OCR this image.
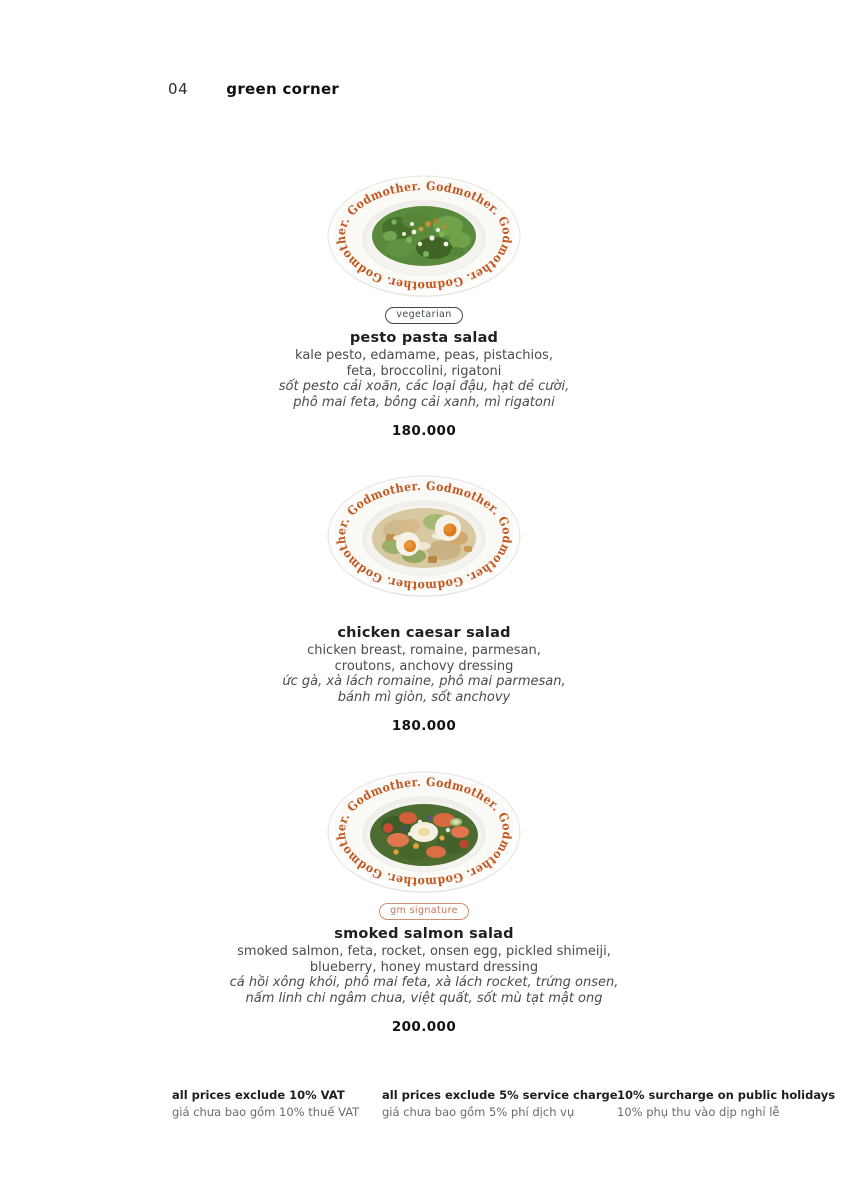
04	green corner
Godmother. Godmother. Godmother. Godmother. Godmother.
vegetarian
pesto pasta salad
kale pesto, edamame, peas, pistachios,
feta, broccolini, rigatoni
sốt pesto cải xoăn, các loại đậu, hạt dẻ cười,
phô mai feta, bông cải xanh, mì rigatoni
180.000
Godmother. Godmother. Godmother. Godmother. Godmother.
chicken caesar salad
chicken breast, romaine, parmesan,
croutons, anchovy dressing
ức gà, xà lách romaine, phô mai parmesan,
bánh mì giòn, sốt anchovy
180.000
Godmother. Godmother. Godmother. Godmother. Godmother.
gm signature
smoked salmon salad
smoked salmon, feta, rocket, onsen egg, pickled shimeiji,
blueberry, honey mustard dressing
cá hồi xông khói, phô mai feta, xà lách rocket, trứng onsen,
nấm linh chi ngâm chua, việt quất, sốt mù tạt mật ong
200.000
all prices exclude 10% VAT
giá chưa bao gồm 10% thuế VAT
all prices exclude 5% service charge
giá chưa bao gồm 5% phí dịch vụ
10% surcharge on public holidays
10% phụ thu vào dịp nghỉ lễ
